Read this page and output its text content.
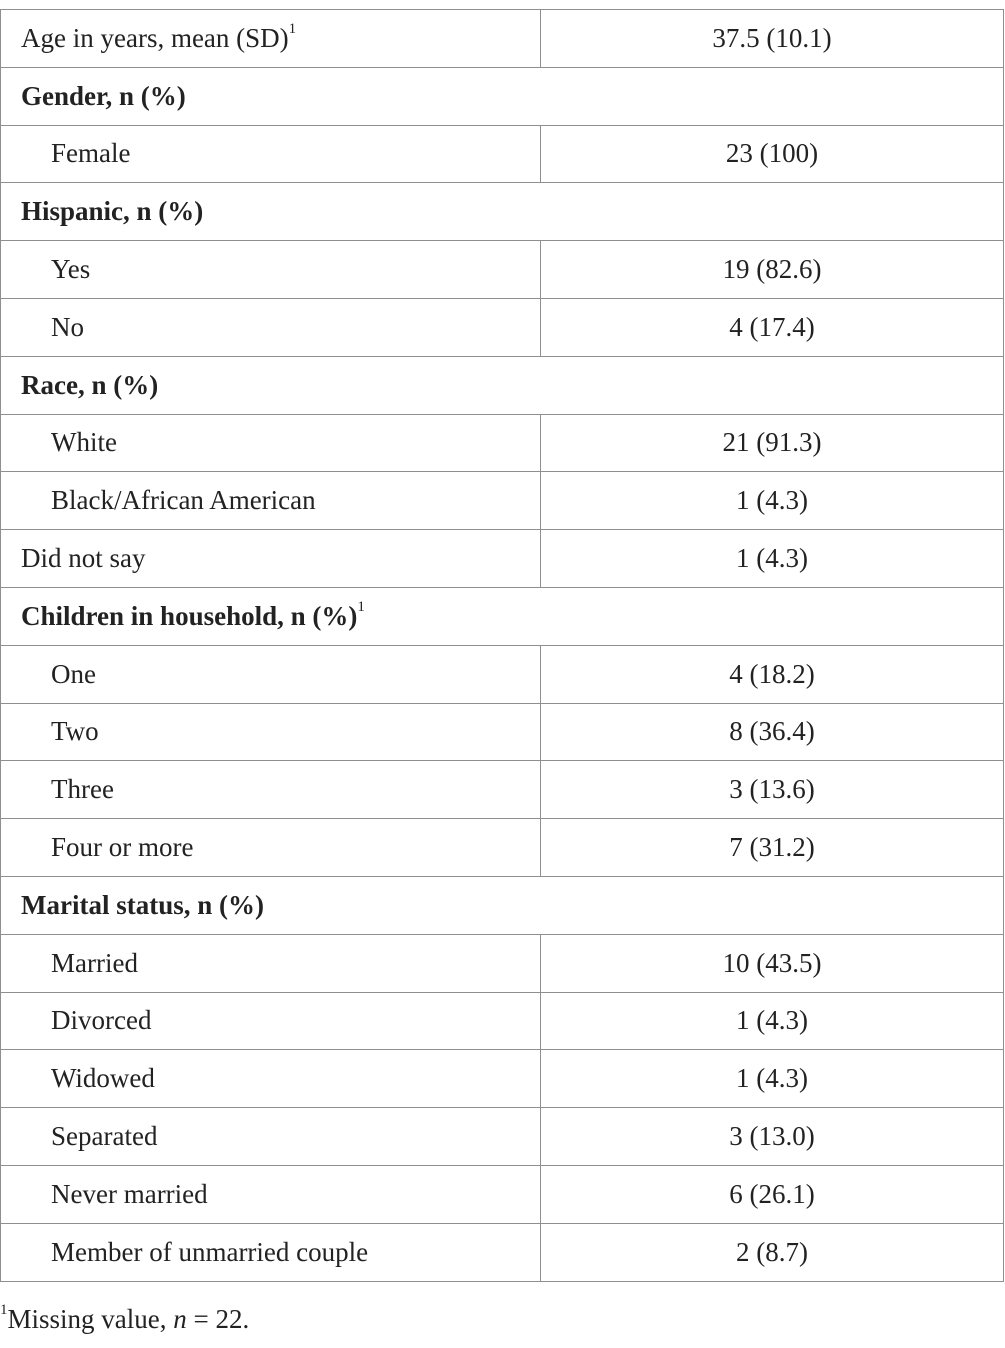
Age in years, mean (SD)$^1$	37.5 (10.1)
Gender, n (%)	
Female	23 (100)
Hispanic, n (%)	
Yes	19 (82.6)
No	4 (17.4)
Race, n (%)	
White	21 (91.3)
Black/African American	1 (4.3)
Did not say	1 (4.3)
Children in household, n (%)$^1$
One	4 (18.2)
Two	8 (36.4)
Three	3 (13.6)
Four or more	7 (31.2)
Marital status, n (%)	
Married	10 (43.5)
Divorced	1 (4.3)
Widowed	1 (4.3)
Separated	3 (13.0)
Never married	6 (26.1)
Member of unmarried couple	2 (8.7)
$^1$Missing value, n = 22.
